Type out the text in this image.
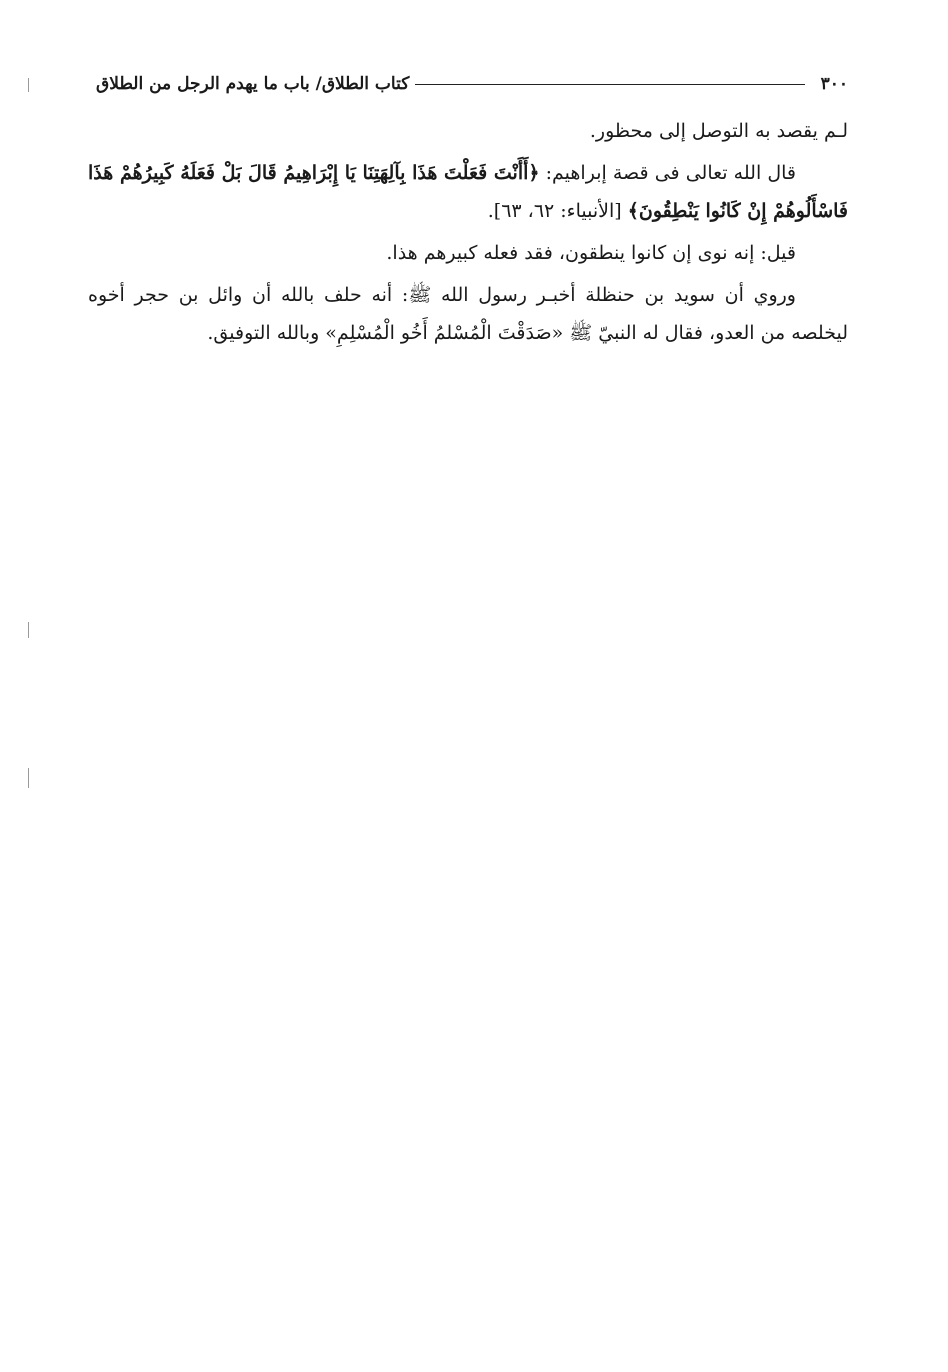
٣٠٠
كتاب الطلاق/ باب ما يهدم الرجل من الطلاق

لـم يقصد به التوصل إلى محظور.

قال الله تعالى فى قصة إبراهيم: ﴿أَأَنْتَ فَعَلْتَ هَذَا بِآلِهَتِنَا يَا إِبْرَاهِيمُ قَالَ بَلْ فَعَلَهُ كَبِيرُهُمْ هَذَا فَاسْأَلُوهُمْ إِنْ كَانُوا يَنْطِقُونَ﴾ [الأنبياء: ٦٢، ٦٣].

قيل: إنه نوى إن كانوا ينطقون، فقد فعله كبيرهم هذا.

وروي أن سويد بن حنظلة أخبـر رسول الله ﷺ: أنه حلف بالله أن وائل بن حجر أخوه ليخلصه من العدو، فقال له النبيّ ﷺ «صَدَقْتَ الْمُسْلمُ أَخُو الْمُسْلِمِ» وبالله التوفيق.
